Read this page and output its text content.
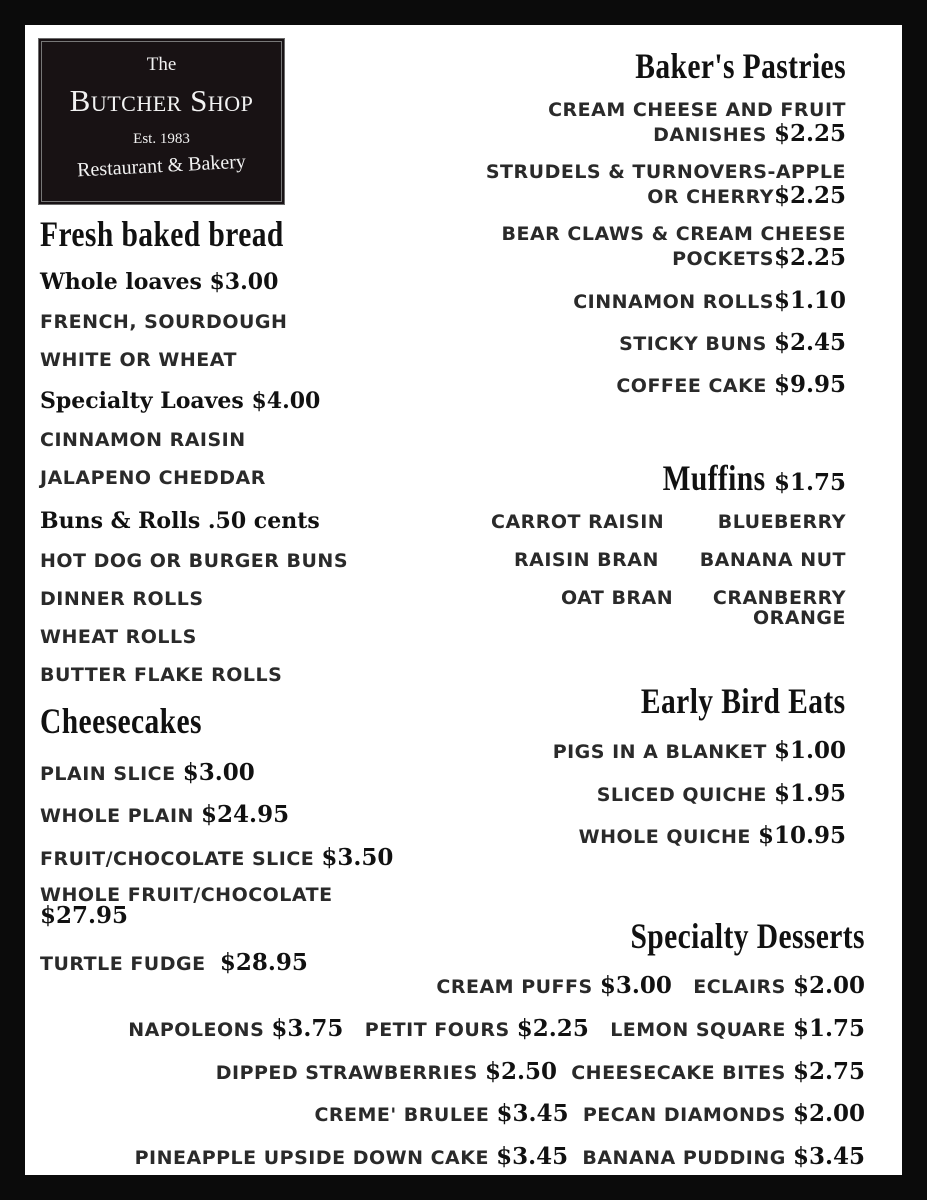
The
Butcher Shop
Est. 1983
Restaurant & Bakery
Fresh baked bread
Whole loaves $3.00
FRENCH, SOURDOUGH
WHITE OR WHEAT
Specialty Loaves $4.00
CINNAMON RAISIN
JALAPENO CHEDDAR
Buns & Rolls .50 cents
HOT DOG OR BURGER BUNS
DINNER ROLLS
WHEAT ROLLS
BUTTER FLAKE ROLLS
Cheesecakes
PLAIN SLICE $3.00
WHOLE PLAIN $24.95
FRUIT/CHOCOLATE SLICE $3.50
WHOLE FRUIT/CHOCOLATE
$27.95
TURTLE FUDGE $28.95
Baker's Pastries
CREAM CHEESE AND FRUIT
DANISHES $2.25
STRUDELS & TURNOVERS-APPLE
OR CHERRY$2.25
BEAR CLAWS & CREAM CHEESE
POCKETS$2.25
CINNAMON ROLLS$1.10
STICKY BUNS $2.45
COFFEE CAKE $9.95
Muffins $1.75
CARROT RAISIN	BLUEBERRY
RAISIN BRAN BANANA NUT
OAT BRAN CRANBERRY
ORANGE
Early Bird Eats
PIGS IN A BLANKET $1.00
SLICED QUICHE $1.95
WHOLE QUICHE $10.95
Specialty Desserts
CREAM PUFFS $3.00 ECLAIRS $2.00
NAPOLEONS $3.75 PETIT FOURS $2.25 LEMON SQUARE $1.75
DIPPED STRAWBERRIES $2.50 CHEESECAKE BITES $2.75
CREME' BRULEE $3.45 PECAN DIAMONDS $2.00
PINEAPPLE UPSIDE DOWN CAKE $3.45 BANANA PUDDING $3.45
